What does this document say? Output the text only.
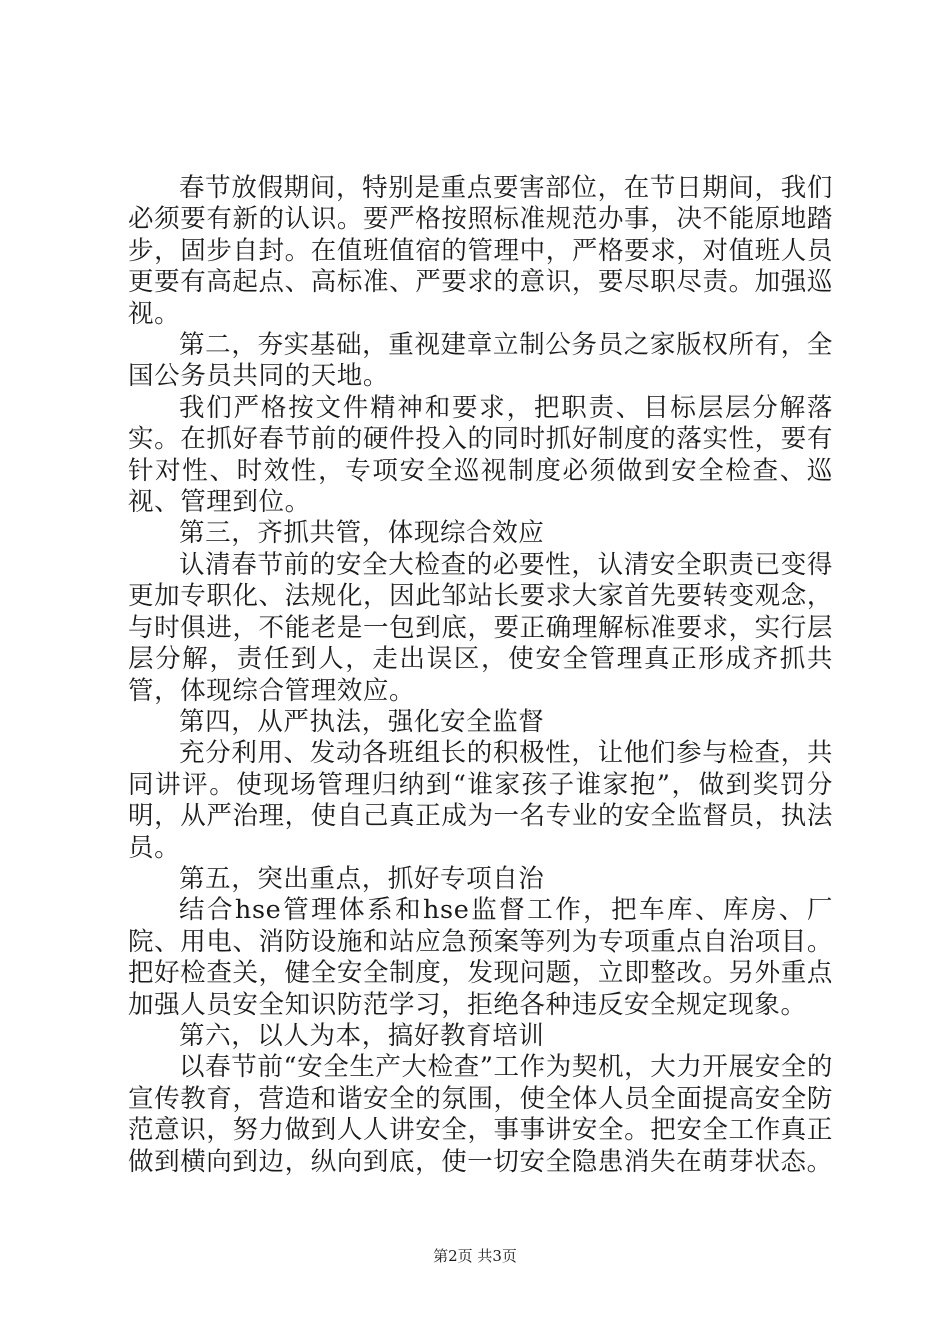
春节放假期间，特别是重点要害部位，在节日期间，我们必须要有新的认识。要严格按照标准规范办事，决不能原地踏步，固步自封。在值班值宿的管理中，严格要求，对值班人员更要有高起点、高标准、严要求的意识，要尽职尽责。加强巡视。

第二，夯实基础，重视建章立制公务员之家版权所有，全国公务员共同的天地。

我们严格按文件精神和要求，把职责、目标层层分解落实。在抓好春节前的硬件投入的同时抓好制度的落实性，要有针对性、时效性，专项安全巡视制度必须做到安全检查、巡视、管理到位。

第三，齐抓共管，体现综合效应

认清春节前的安全大检查的必要性，认清安全职责已变得更加专职化、法规化，因此邹站长要求大家首先要转变观念，与时俱进，不能老是一包到底，要正确理解标准要求，实行层层分解，责任到人，走出误区，使安全管理真正形成齐抓共管，体现综合管理效应。

第四，从严执法，强化安全监督

充分利用、发动各班组长的积极性，让他们参与检查，共同讲评。使现场管理归纳到“谁家孩子谁家抱”，做到奖罚分明，从严治理，使自己真正成为一名专业的安全监督员，执法员。

第五，突出重点，抓好专项自治

结合hse管理体系和hse监督工作，把车库、库房、厂院、用电、消防设施和站应急预案等列为专项重点自治项目。把好检查关，健全安全制度，发现问题，立即整改。另外重点加强人员安全知识防范学习，拒绝各种违反安全规定现象。

第六，以人为本，搞好教育培训

以春节前“安全生产大检查”工作为契机，大力开展安全的宣传教育，营造和谐安全的氛围，使全体人员全面提高安全防范意识，努力做到人人讲安全，事事讲安全。把安全工作真正做到横向到边，纵向到底，使一切安全隐患消失在萌芽状态。

第2页 共3页
